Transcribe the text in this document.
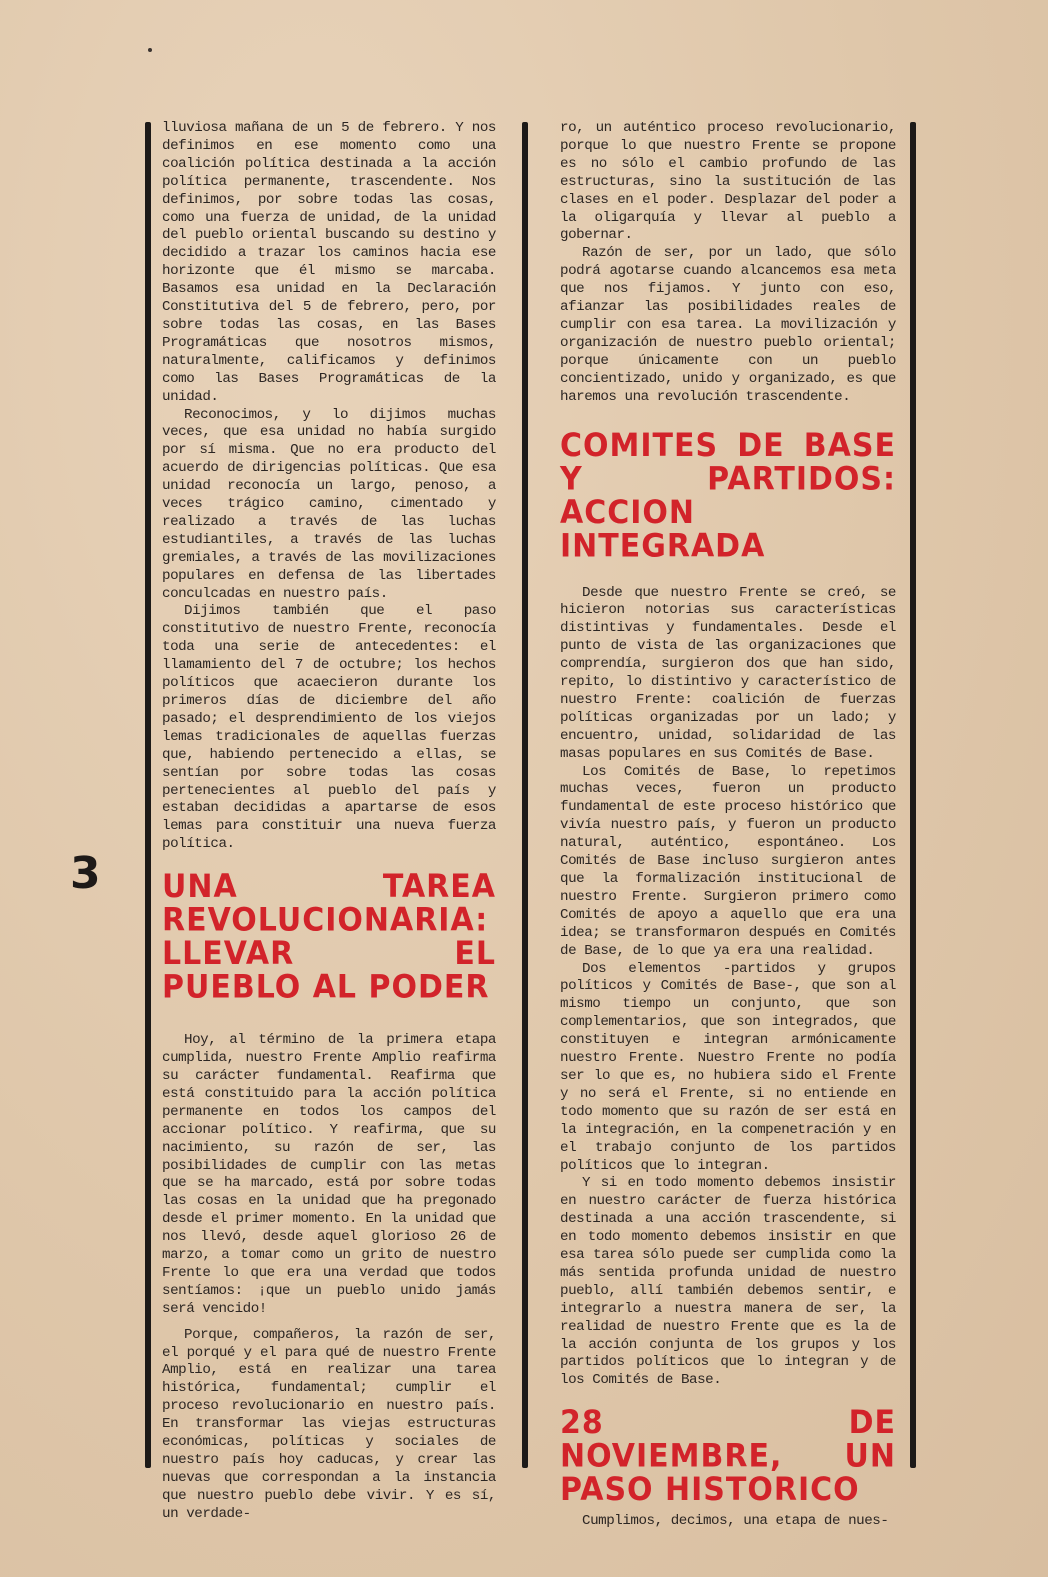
3

lluviosa mañana de un 5 de febrero. Y nos definimos en ese momento como una coalición política destinada a la acción política permanente, trascendente. Nos definimos, por sobre todas las cosas, como una fuerza de unidad, de la unidad del pueblo oriental buscando su destino y decidido a trazar los caminos hacia ese horizonte que él mismo se marcaba. Basamos esa unidad en la Declaración Constitutiva del 5 de febrero, pero, por sobre todas las cosas, en las Bases Programáticas que nosotros mismos, naturalmente, calificamos y definimos como las Bases Programáticas de la unidad.

Reconocimos, y lo dijimos muchas veces, que esa unidad no había surgido por sí misma. Que no era producto del acuerdo de dirigencias políticas. Que esa unidad reconocía un largo, penoso, a veces trágico camino, cimentado y realizado a través de las luchas estudiantiles, a través de las luchas gremiales, a través de las movilizaciones populares en defensa de las libertades conculcadas en nuestro país.

Dijimos también que el paso constitutivo de nuestro Frente, reconocía toda una serie de antecedentes: el llamamiento del 7 de octubre; los hechos políticos que acaecieron durante los primeros días de diciembre del año pasado; el desprendimiento de los viejos lemas tradicionales de aquellas fuerzas que, habiendo pertenecido a ellas, se sentían por sobre todas las cosas pertenecientes al pueblo del país y estaban decididas a apartarse de esos lemas para constituir una nueva fuerza política.

UNA TAREA REVOLUCIONARIA: LLEVAR EL PUEBLO AL PODER

Hoy, al término de la primera etapa cumplida, nuestro Frente Amplio reafirma su carácter fundamental. Reafirma que está constituido para la acción política permanente en todos los campos del accionar político. Y reafirma, que su nacimiento, su razón de ser, las posibilidades de cumplir con las metas que se ha marcado, está por sobre todas las cosas en la unidad que ha pregonado desde el primer momento. En la unidad que nos llevó, desde aquel glorioso 26 de marzo, a tomar como un grito de nuestro Frente lo que era una verdad que todos sentíamos: ¡que un pueblo unido jamás será vencido!

Porque, compañeros, la razón de ser, el porqué y el para qué de nuestro Frente Amplio, está en realizar una tarea histórica, fundamental; cumplir el proceso revolucionario en nuestro país. En transformar las viejas estructuras económicas, políticas y sociales de nuestro país hoy caducas, y crear las nuevas que correspondan a la instancia que nuestro pueblo debe vivir. Y es sí, un verdade-

ro, un auténtico proceso revolucionario, porque lo que nuestro Frente se propone es no sólo el cambio profundo de las estructuras, sino la sustitución de las clases en el poder. Desplazar del poder a la oligarquía y llevar al pueblo a gobernar.

Razón de ser, por un lado, que sólo podrá agotarse cuando alcancemos esa meta que nos fijamos. Y junto con eso, afianzar las posibilidades reales de cumplir con esa tarea. La movilización y organización de nuestro pueblo oriental; porque únicamente con un pueblo concientizado, unido y organizado, es que haremos una revolución trascendente.

COMITES DE BASE Y PARTIDOS: ACCION INTEGRADA

Desde que nuestro Frente se creó, se hicieron notorias sus características distintivas y fundamentales. Desde el punto de vista de las organizaciones que comprendía, surgieron dos que han sido, repito, lo distintivo y característico de nuestro Frente: coalición de fuerzas políticas organizadas por un lado; y encuentro, unidad, solidaridad de las masas populares en sus Comités de Base.

Los Comités de Base, lo repetimos muchas veces, fueron un producto fundamental de este proceso histórico que vivía nuestro país, y fueron un producto natural, auténtico, espontáneo. Los Comités de Base incluso surgieron antes que la formalización institucional de nuestro Frente. Surgieron primero como Comités de apoyo a aquello que era una idea; se transformaron después en Comités de Base, de lo que ya era una realidad.

Dos elementos -partidos y grupos políticos y Comités de Base-, que son al mismo tiempo un conjunto, que son complementarios, que son integrados, que constituyen e integran armónicamente nuestro Frente. Nuestro Frente no podía ser lo que es, no hubiera sido el Frente y no será el Frente, si no entiende en todo momento que su razón de ser está en la integración, en la compenetración y en el trabajo conjunto de los partidos políticos que lo integran.

Y si en todo momento debemos insistir en nuestro carácter de fuerza histórica destinada a una acción trascendente, si en todo momento debemos insistir en que esa tarea sólo puede ser cumplida como la más sentida profunda unidad de nuestro pueblo, allí también debemos sentir, e integrarlo a nuestra manera de ser, la realidad de nuestro Frente que es la de la acción conjunta de los grupos y los partidos políticos que lo integran y de los Comités de Base.

28 DE NOVIEMBRE, UN PASO HISTORICO

Cumplimos, decimos, una etapa de nues-
